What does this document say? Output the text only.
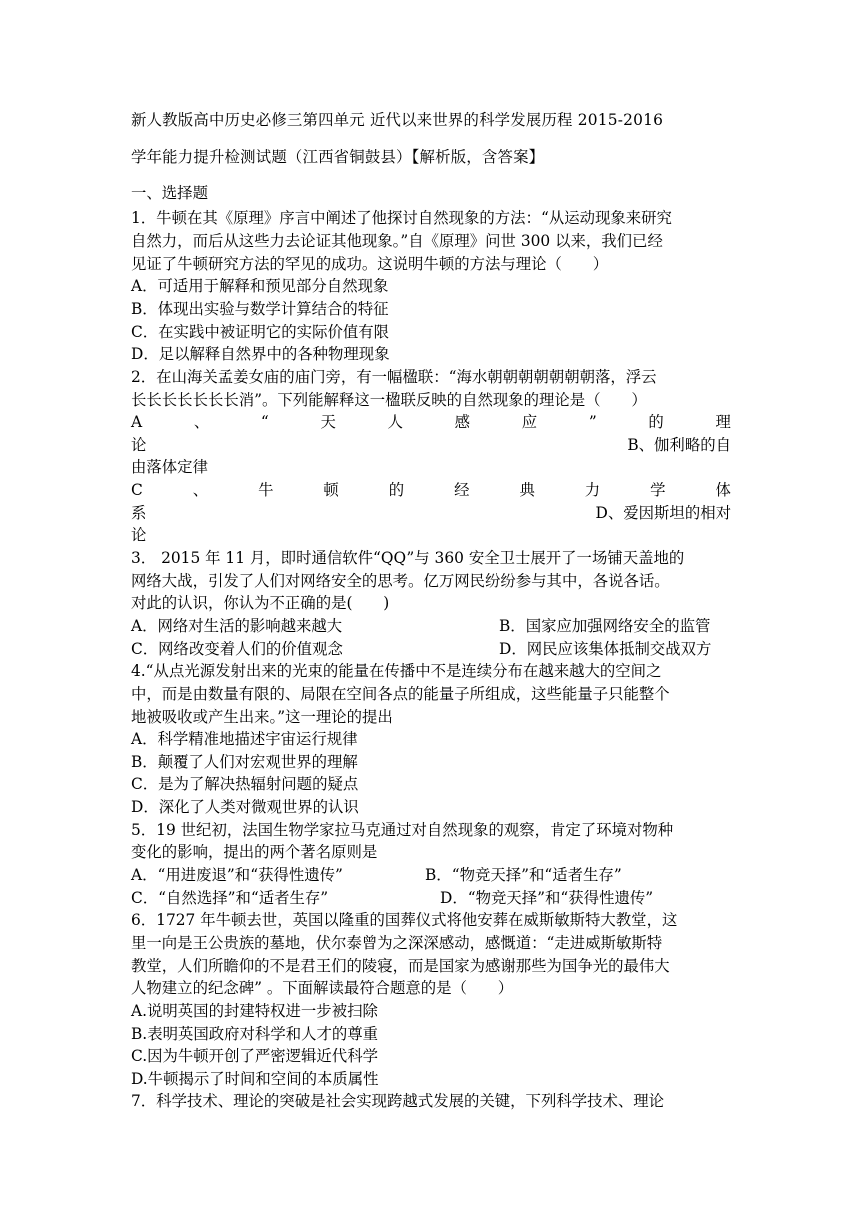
新人教版高中历史必修三第四单元 近代以来世界的科学发展历程 2015-2016
学年能力提升检测试题（江西省铜鼓县）【解析版，含答案】
一、选择题
1．牛顿在其《原理》序言中阐述了他探讨自然现象的方法：“从运动现象来研究
自然力，而后从这些力去论证其他现象。”自《原理》问世 300 以来，我们已经
见证了牛顿研究方法的罕见的成功。这说明牛顿的方法与理论（　　）
A．可适用于解释和预见部分自然现象
B．体现出实验与数学计算结合的特征
C．在实践中被证明它的实际价值有限
D．足以解释自然界中的各种物理现象
2．在山海关孟姜女庙的庙门旁，有一幅楹联：“海水朝朝朝朝朝朝朝落，浮云
长长长长长长长消”。下列能解释这一楹联反映的自然现象的理论是（　　）
A	、	“	天	人	感	应	”	的	理
论	B、伽利略的自
由落体定律
C	、	牛	顿	的	经	典	力	学	体
系	D、爱因斯坦的相对
论
3． 2015 年 11 月，即时通信软件“QQ”与 360 安全卫士展开了一场铺天盖地的
网络大战，引发了人们对网络安全的思考。亿万网民纷纷参与其中，各说各话。
对此的认识，你认为不正确的是(　　)
A．网络对生活的影响越来越大	B．国家应加强网络安全的监管
C．网络改变着人们的价值观念	D．网民应该集体抵制交战双方
4.“从点光源发射出来的光束的能量在传播中不是连续分布在越来越大的空间之
中，而是由数量有限的、局限在空间各点的能量子所组成，这些能量子只能整个
地被吸收或产生出来。”这一理论的提出
A．科学精准地描述宇宙运行规律
B．颠覆了人们对宏观世界的理解
C．是为了解决热辐射问题的疑点
D．深化了人类对微观世界的认识
5．19 世纪初，法国生物学家拉马克通过对自然现象的观察，肯定了环境对物种
变化的影响，提出的两个著名原则是
A．“用进废退”和“获得性遗传”	B．“物竞天择”和“适者生存”
C．“自然选择”和“适者生存”	D．“物竞天择”和“获得性遗传”
6．1727 年牛顿去世，英国以隆重的国葬仪式将他安葬在威斯敏斯特大教堂，这
里一向是王公贵族的墓地，伏尔泰曾为之深深感动，感慨道：“走进威斯敏斯特
教堂，人们所瞻仰的不是君王们的陵寝，而是国家为感谢那些为国争光的最伟大
人物建立的纪念碑” 。下面解读最符合题意的是（　　）
A.说明英国的封建特权进一步被扫除
B.表明英国政府对科学和人才的尊重
C.因为牛顿开创了严密逻辑近代科学
D.牛顿揭示了时间和空间的本质属性
7．科学技术、理论的突破是社会实现跨越式发展的关键，下列科学技术、理论
